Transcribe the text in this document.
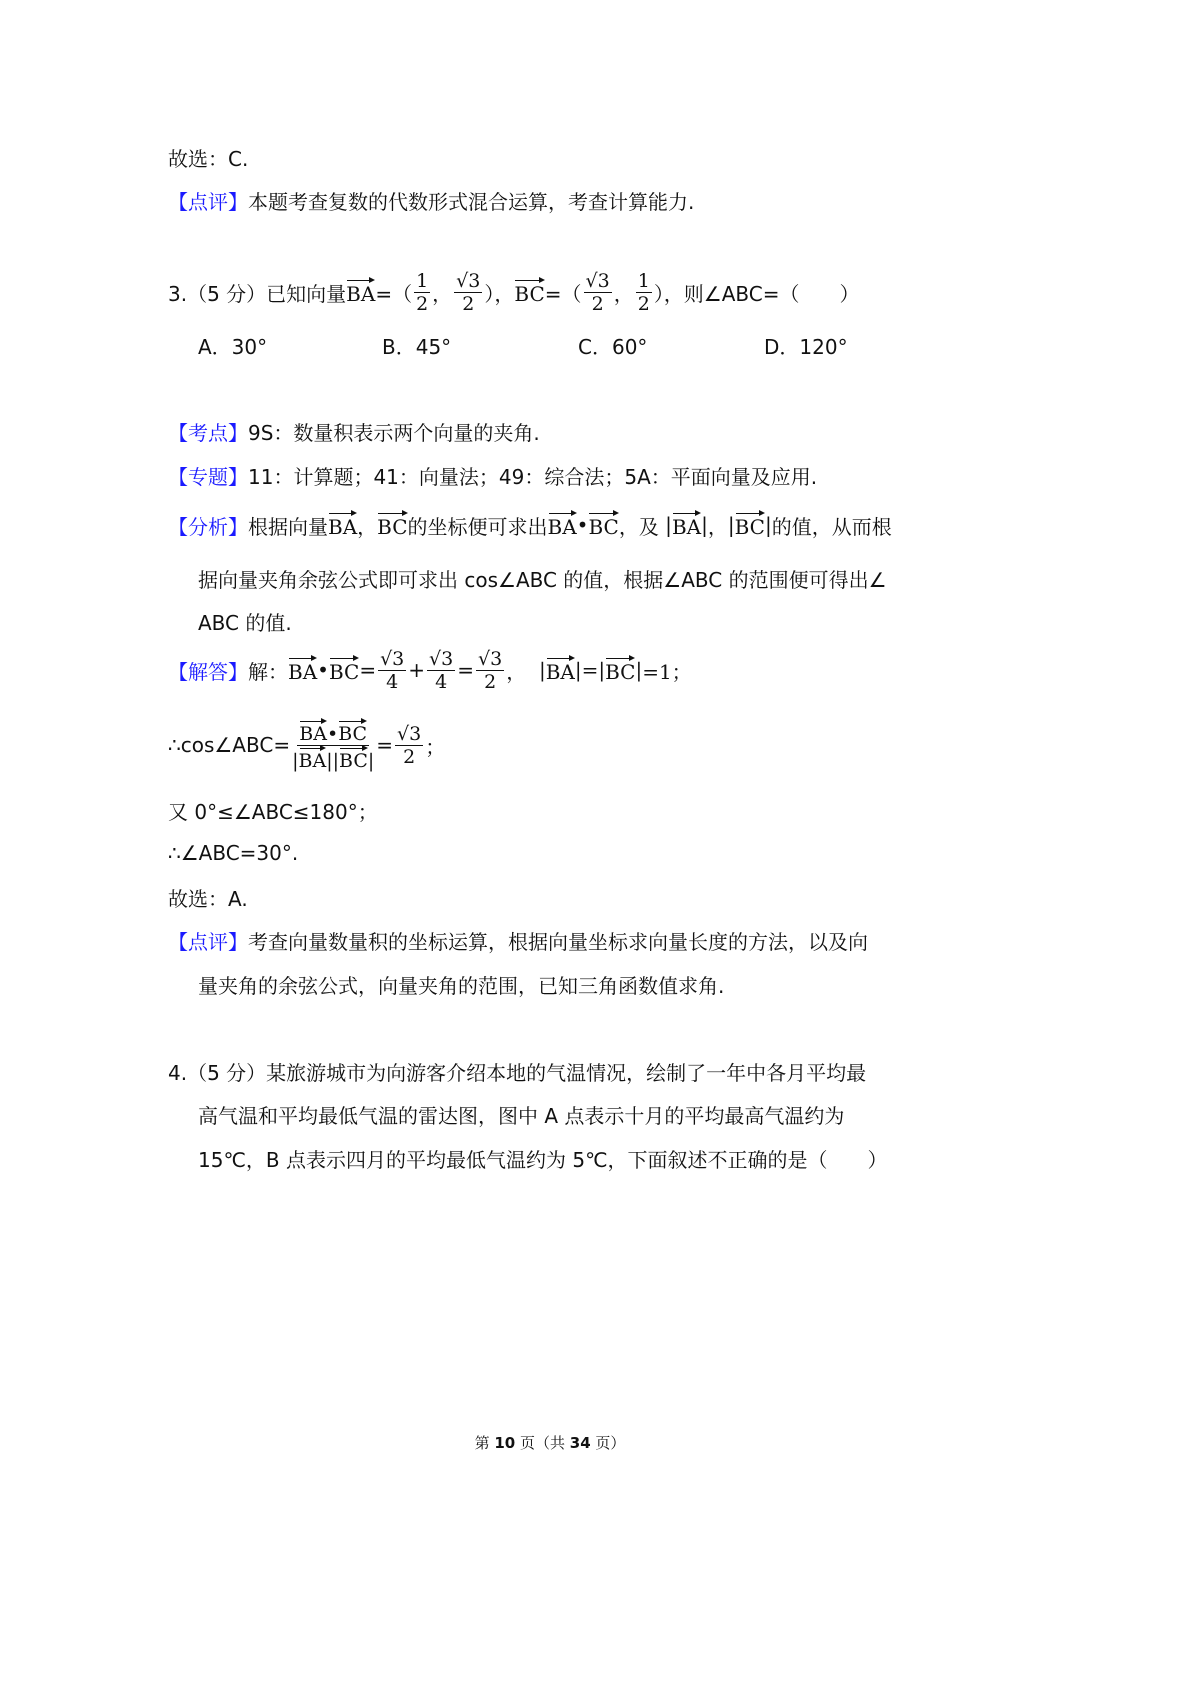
故选：C.
【点评】 本题考查复数的代数形式混合运算，考查计算能力.
3.（5 分）已知向量 BA =（ $\frac{1}{2}$ ， $\frac{√3}{2}$ ）， BC =（ $\frac{√3}{2}$ ， $\frac{1}{2}$ ），则∠ABC=（　　）
A．30°	B．45°	C．60°	D．120°
【考点】 9S：数量积表示两个向量的夹角.
【专题】 11：计算题；41：向量法；49：综合法；5A：平面向量及应用.
【分析】 根据向量 BA ， BC 的坐标便可求出 BA • BC ，及 | BA | ， | BC | 的值，从而根
据向量夹角余弦公式即可求出 cos∠ABC 的值，根据∠ABC 的范围便可得出∠
ABC 的值.
【解答】 解： BA • BC = $\frac{√3}{4} + \frac{√3}{4} = \frac{√3}{2}$ ，
| BA |=| BC | =1；
∴cos∠ABC= $\frac{BA•BC}{|BA||BC|} = \frac{√3}{2}$ ；
又 0°≤∠ABC≤180°；
∴∠ABC=30°.
故选：A.
【点评】 考查向量数量积的坐标运算，根据向量坐标求向量长度的方法，以及向
量夹角的余弦公式，向量夹角的范围，已知三角函数值求角.
4.（5 分）某旅游城市为向游客介绍本地的气温情况，绘制了一年中各月平均最
高气温和平均最低气温的雷达图，图中 A 点表示十月的平均最高气温约为
15℃，B 点表示四月的平均最低气温约为 5℃，下面叙述不正确的是（　　）
第 10 页（共 34 页）
